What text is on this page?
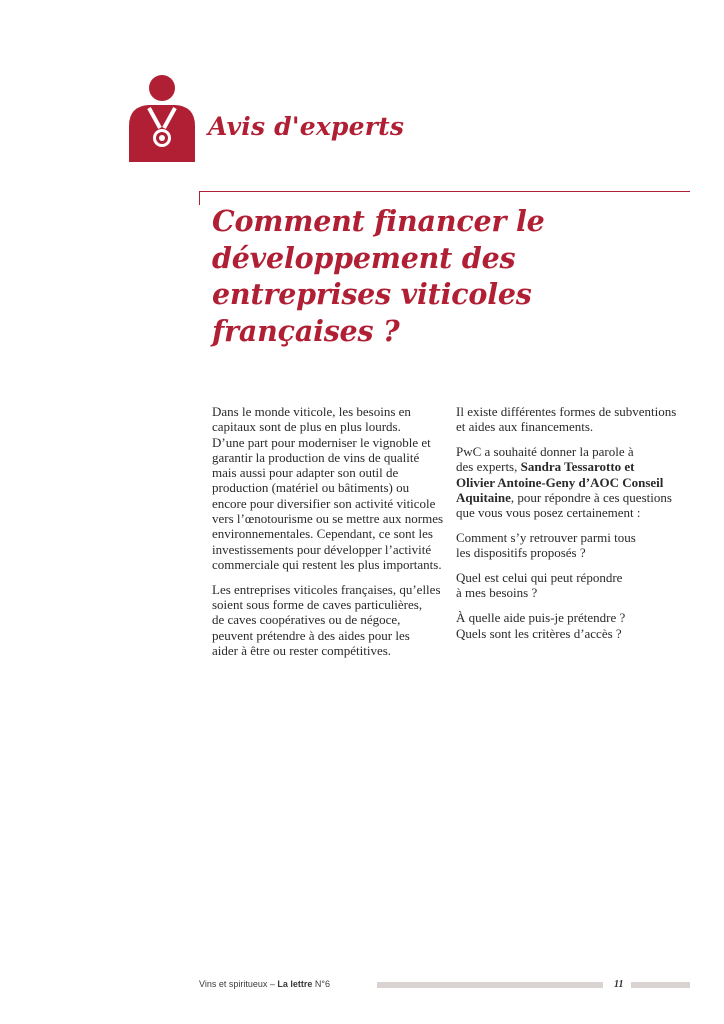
Avis d'experts
Comment financer le
développement des
entreprises viticoles
françaises ?

Dans le monde viticole, les besoins en
capitaux sont de plus en plus lourds.
D’une part pour moderniser le vignoble et
garantir la production de vins de qualité
mais aussi pour adapter son outil de
production (matériel ou bâtiments) ou
encore pour diversifier son activité viticole
vers l’œnotourisme ou se mettre aux normes
environnementales. Cependant, ce sont les
investissements pour développer l’activité
commerciale qui restent les plus importants.

Les entreprises viticoles françaises, qu’elles
soient sous forme de caves particulières,
de caves coopératives ou de négoce,
peuvent prétendre à des aides pour les
aider à être ou rester compétitives.

Il existe différentes formes de subventions
et aides aux financements.

PwC a souhaité donner la parole à
des experts, Sandra Tessarotto et
Olivier Antoine-Geny d’AOC Conseil
Aquitaine, pour répondre à ces questions
que vous vous posez certainement :

Comment s’y retrouver parmi tous
les dispositifs proposés ?

Quel est celui qui peut répondre
à mes besoins ?

À quelle aide puis-je prétendre ?
Quels sont les critères d’accès ?

Vins et spiritueux – La lettre N°6	11
